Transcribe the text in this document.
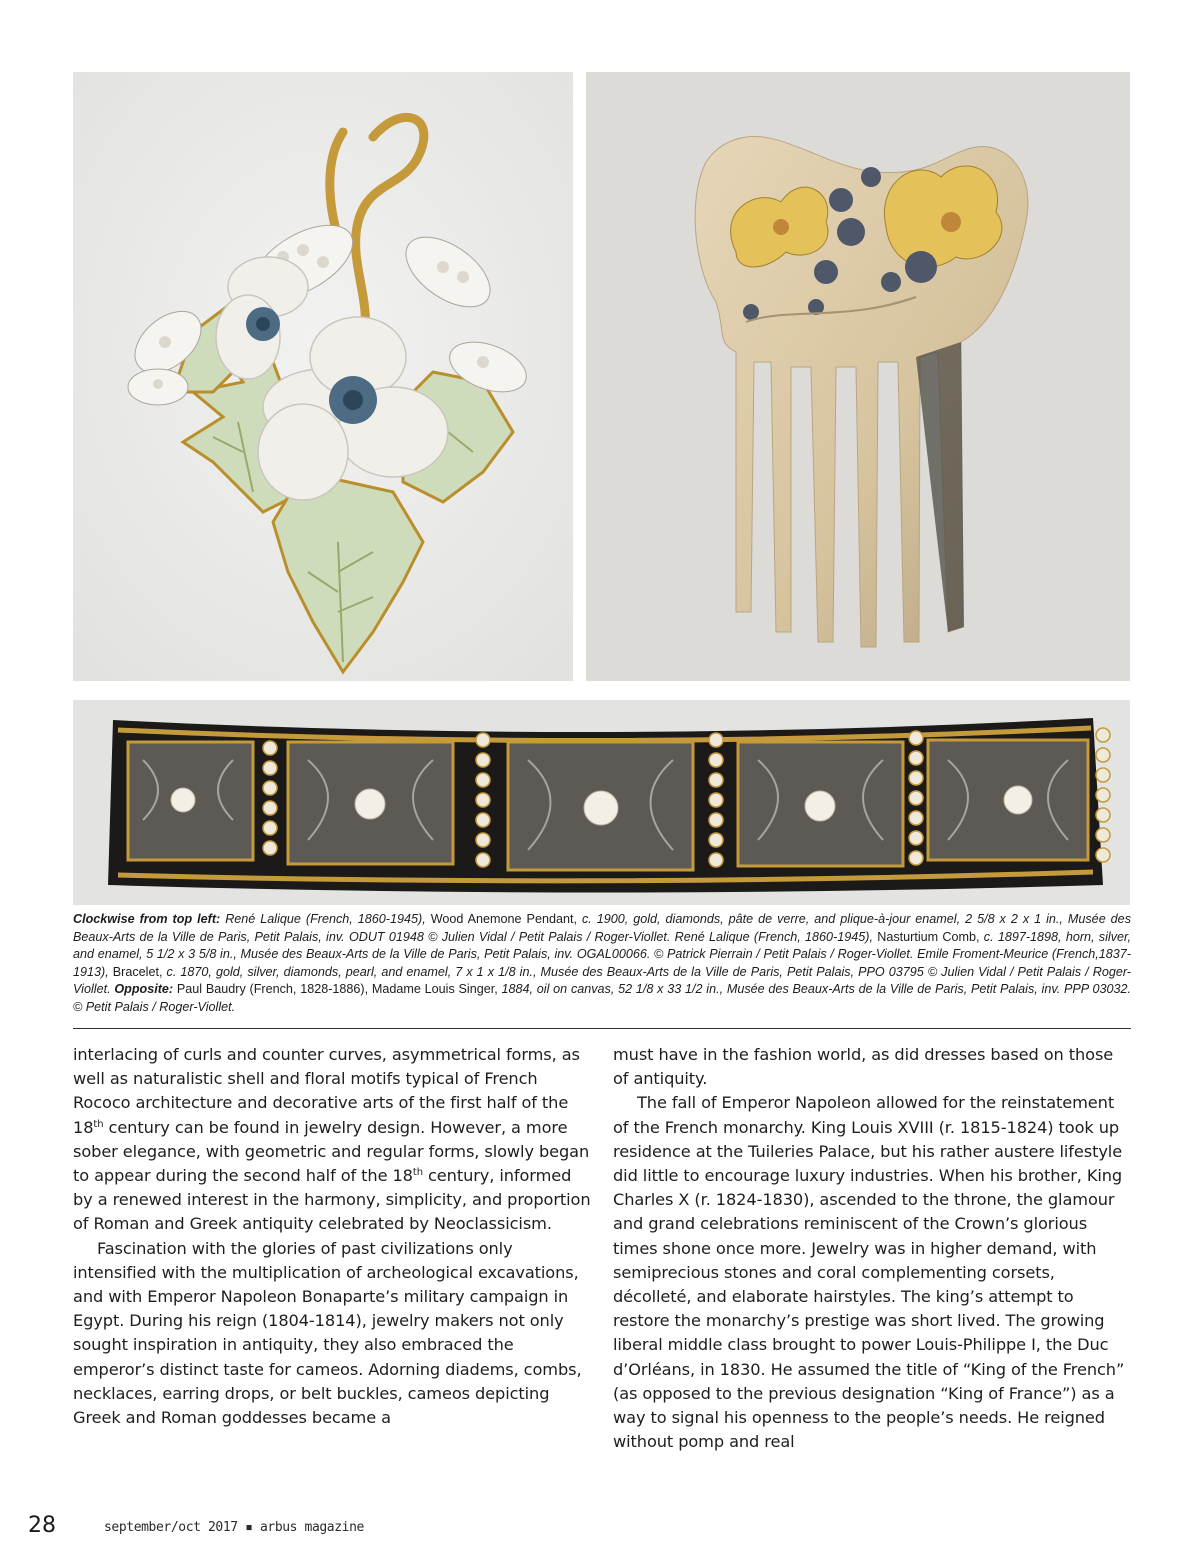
Clockwise from top left: René Lalique (French, 1860-1945), Wood Anemone Pendant, c. 1900, gold, diamonds, pâte de verre, and plique-à-jour enamel, 2 5/8 x 2 x 1 in., Musée des Beaux-Arts de la Ville de Paris, Petit Palais, inv. ODUT 01948 © Julien Vidal / Petit Palais / Roger-Viollet. René Lalique (French, 1860-1945), Nasturtium Comb, c. 1897-1898, horn, silver, and enamel, 5 1/2 x 3 5/8 in., Musée des Beaux-Arts de la Ville de Paris, Petit Palais, inv. OGAL00066. © Patrick Pierrain / Petit Palais / Roger-Viollet. Emile Froment-Meurice (French,1837-1913), Bracelet, c. 1870, gold, silver, diamonds, pearl, and enamel, 7 x 1 x 1/8 in., Musée des Beaux-Arts de la Ville de Paris, Petit Palais, PPO 03795 © Julien Vidal / Petit Palais / Roger-Viollet. Opposite: Paul Baudry (French, 1828-1886), Madame Louis Singer, 1884, oil on canvas, 52 1/8 x 33 1/2 in., Musée des Beaux-Arts de la Ville de Paris, Petit Palais, inv. PPP 03032. © Petit Palais / Roger-Viollet.

interlacing of curls and counter curves, asymmetrical forms, as well as naturalistic shell and floral motifs typical of French Rococo architecture and decorative arts of the first half of the 18th century can be found in jewelry design. However, a more sober elegance, with geometric and regular forms, slowly began to appear during the second half of the 18th century, informed by a renewed interest in the harmony, simplicity, and proportion of Roman and Greek antiquity celebrated by Neoclassicism.

Fascination with the glories of past civilizations only intensified with the multiplication of archeological excavations, and with Emperor Napoleon Bonaparte’s military campaign in Egypt. During his reign (1804-1814), jewelry makers not only sought inspiration in antiquity, they also embraced the emperor’s distinct taste for cameos. Adorning diadems, combs, necklaces, earring drops, or belt buckles, cameos depicting Greek and Roman goddesses became a

must have in the fashion world, as did dresses based on those of antiquity.

The fall of Emperor Napoleon allowed for the reinstatement of the French monarchy. King Louis XVIII (r. 1815-1824) took up residence at the Tuileries Palace, but his rather austere lifestyle did little to encourage luxury industries. When his brother, King Charles X (r. 1824-1830), ascended to the throne, the glamour and grand celebrations reminiscent of the Crown’s glorious times shone once more. Jewelry was in higher demand, with semiprecious stones and coral complementing corsets, décolleté, and elaborate hairstyles. The king’s attempt to restore the monarchy’s prestige was short lived. The growing liberal middle class brought to power Louis-Philippe I, the Duc d’Orléans, in 1830. He assumed the title of “King of the French” (as opposed to the previous designation “King of France”) as a way to signal his openness to the people’s needs. He reigned without pomp and real

28	september/oct 2017 ▪ arbus magazine
